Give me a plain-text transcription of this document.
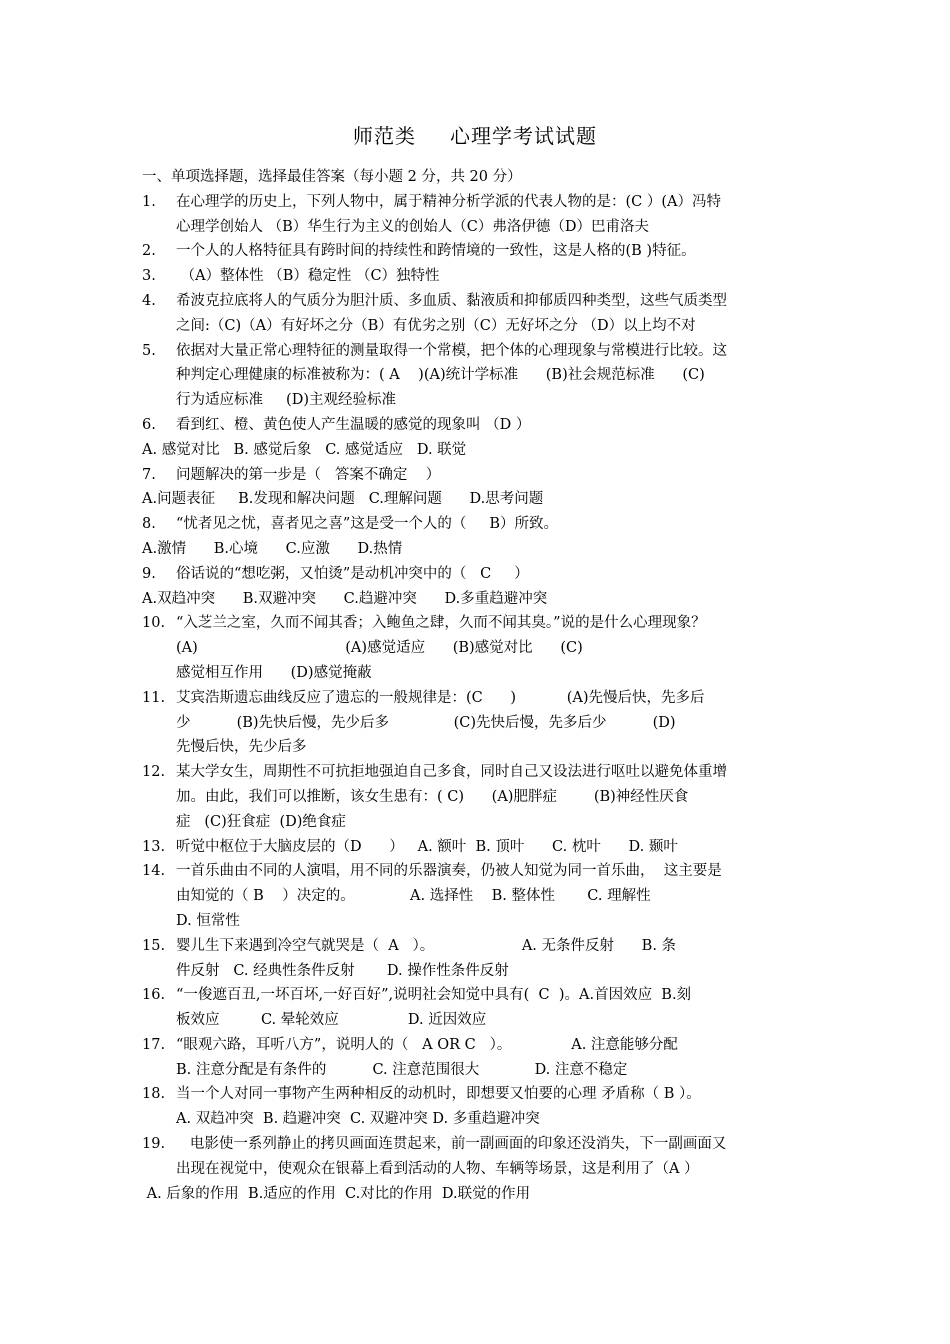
师范类 心理学考试试题
一、单项选择题，选择最佳答案（每小题 2 分，共 20 分）
1. 在心理学的历史上，下列人物中，属于精神分析学派的代表人物的是：(C ）(A）冯特
心理学创始人 （B）华生行为主义的创始人（C）弗洛伊德（D）巴甫洛夫
2. 一个人的人格特征具有跨时间的持续性和跨情境的一致性，这是人格的(B )特征。
3. （A）整体性 （B）稳定性 （C）独特性
4. 希波克拉底将人的气质分为胆汁质、多血质、黏液质和抑郁质四种类型，这些气质类型
之间:（C)（A）有好坏之分（B）有优劣之别（C）无好坏之分 （D）以上均不对
5. 依据对大量正常心理特征的测量取得一个常模，把个体的心理现象与常模进行比较。这
种判定心理健康的标准被称为：( A    )(A)统计学标准      (B)社会规范标准      (C)
行为适应标准     (D)主观经验标准
6. 看到红、橙、黄色使人产生温暖的感觉的现象叫 （D ）
A. 感觉对比   B. 感觉后象   C. 感觉适应   D. 联觉
7. 问题解决的第一步是（   答案不确定    ）
A.问题表征     B.发现和解决问题   C.理解问题      D.思考问题
8. “忧者见之忧，喜者见之喜”这是受一个人的（     B）所致。
A.激情      B.心境      C.应激      D.热情
9. 俗话说的“想吃粥，又怕烫”是动机冲突中的（   C     ）
A.双趋冲突      B.双避冲突      C.趋避冲突      D.多重趋避冲突
10. “入芝兰之室，久而不闻其香；入鲍鱼之肆，久而不闻其臭。”说的是什么心理现象？
(A)                                (A)感觉适应      (B)感觉对比      (C)
感觉相互作用      (D)感觉掩蔽
11. 艾宾浩斯遗忘曲线反应了遗忘的一般规律是：(C      )           (A)先慢后快，先多后
少          (B)先快后慢，先少后多              (C)先快后慢，先多后少          (D)
先慢后快，先少后多
12. 某大学女生，周期性不可抗拒地强迫自己多食，同时自己又设法进行呕吐以避免体重增
加。由此，我们可以推断，该女生患有：( C)      (A)肥胖症        (B)神经性厌食
症   (C)狂食症  (D)绝食症
13. 听觉中枢位于大脑皮层的（D      ）   A. 额叶  B. 顶叶      C. 枕叶      D. 颞叶
14. 一首乐曲由不同的人演唱，用不同的乐器演奏，仍被人知觉为同一首乐曲，  这主要是
由知觉的（ B    ）决定的。            A. 选择性    B. 整体性       C. 理解性
D. 恒常性
15. 婴儿生下来遇到冷空气就哭是（  A   ）。                   A. 无条件反射      B. 条
件反射   C. 经典性条件反射       D. 操作性条件反射
16. “一俊遮百丑,一坏百坏,一好百好”,说明社会知觉中具有(  C  )。A.首因效应  B.刻
板效应         C. 晕轮效应               D. 近因效应
17. “眼观六路，耳听八方”，说明人的（   A OR C   ）。             A. 注意能够分配
B. 注意分配是有条件的          C. 注意范围很大            D. 注意不稳定
18. 当一个人对同一事物产生两种相反的动机时，即想要又怕要的心理 矛盾称（ B ）。
A. 双趋冲突  B. 趋避冲突  C. 双避冲突 D. 多重趋避冲突
19. 电影使一系列静止的拷贝画面连贯起来，前一副画面的印象还没消失，下一副画面又
出现在视觉中，使观众在银幕上看到活动的人物、车辆等场景，这是利用了（A ）
A. 后象的作用  B.适应的作用  C.对比的作用  D.联觉的作用
